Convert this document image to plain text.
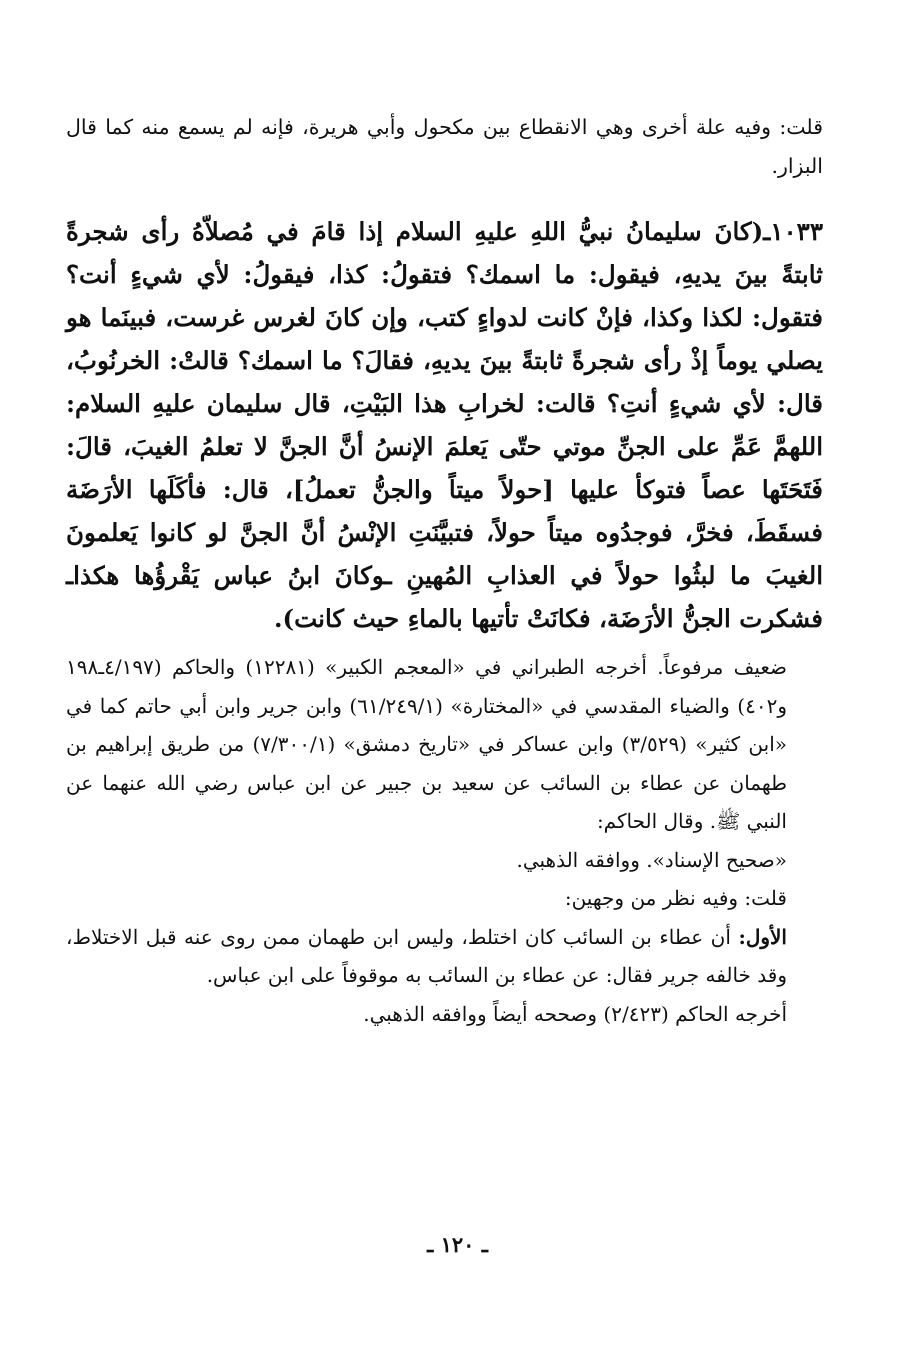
قلت: وفيه علة أخرى وهي الانقطاع بين مكحول وأبي هريرة، فإنه لم يسمع منه كما قال البزار.

١٠٣٣ـ(كانَ سليمانُ نبيُّ اللهِ عليهِ السلام إذا قامَ في مُصلاّهُ رأى شجرةً ثابتةً بينَ يديهِ، فيقول: ما اسمك؟ فتقولُ: كذا، فيقولُ: لأي شيءٍ أنت؟ فتقول: لكذا وكذا، فإنْ كانت لدواءٍ كتب، وإن كانَ لغرس غرست، فبينَما هو يصلي يوماً إذْ رأى شجرةً ثابتةً بينَ يديهِ، فقالَ؟ ما اسمك؟ قالتْ: الخرنُوبُ، قال: لأي شيءٍ أنتِ؟ قالت: لخرابِ هذا البَيْتِ، قال سليمان عليهِ السلام: اللهمَّ عَمِّ على الجنِّ موتي حتّى يَعلمَ الإنسُ أنَّ الجنَّ لا تعلمُ الغيبَ، قالَ: فَتَحَتَها عصاً فتوكأ عليها [حولاً ميتاً والجنُّ تعملُ]، قال: فأكَلَها الأرَضَة فسقَطَ، فخرَّ، فوجدُوه ميتاً حولاً، فتبيَّنَتِ الإنْسُ أنَّ الجنَّ لو كانوا يَعلمونَ الغيبَ ما لبثُوا حولاً في العذابِ المُهينِ ـوكانَ ابنُ عباس يَقْرؤُها هكذاـ فشكرت الجنُّ الأرَضَة، فكانَتْ تأتيها بالماءِ حيث كانت).

ضعيف مرفوعاً. أخرجه الطبراني في «المعجم الكبير» (١٢٢٨١) والحاكم (٤/١٩٧ـ١٩٨ و٤٠٢) والضياء المقدسي في «المختارة» (٦١/٢٤٩/١) وابن جرير وابن أبي حاتم كما في «ابن كثير» (٣/٥٢٩) وابن عساكر في «تاريخ دمشق» (٧/٣٠٠/١) من طريق إبراهيم بن طهمان عن عطاء بن السائب عن سعيد بن جبير عن ابن عباس رضي الله عنهما عن النبي ﷺ. وقال الحاكم:

«صحيح الإسناد». ووافقه الذهبي.

قلت: وفيه نظر من وجهين:

الأول: أن عطاء بن السائب كان اختلط، وليس ابن طهمان ممن روى عنه قبل الاختلاط، وقد خالفه جرير فقال: عن عطاء بن السائب به موقوفاً على ابن عباس.

أخرجه الحاكم (٢/٤٢٣) وصححه أيضاً ووافقه الذهبي.

ـ ١٢٠ ـ
